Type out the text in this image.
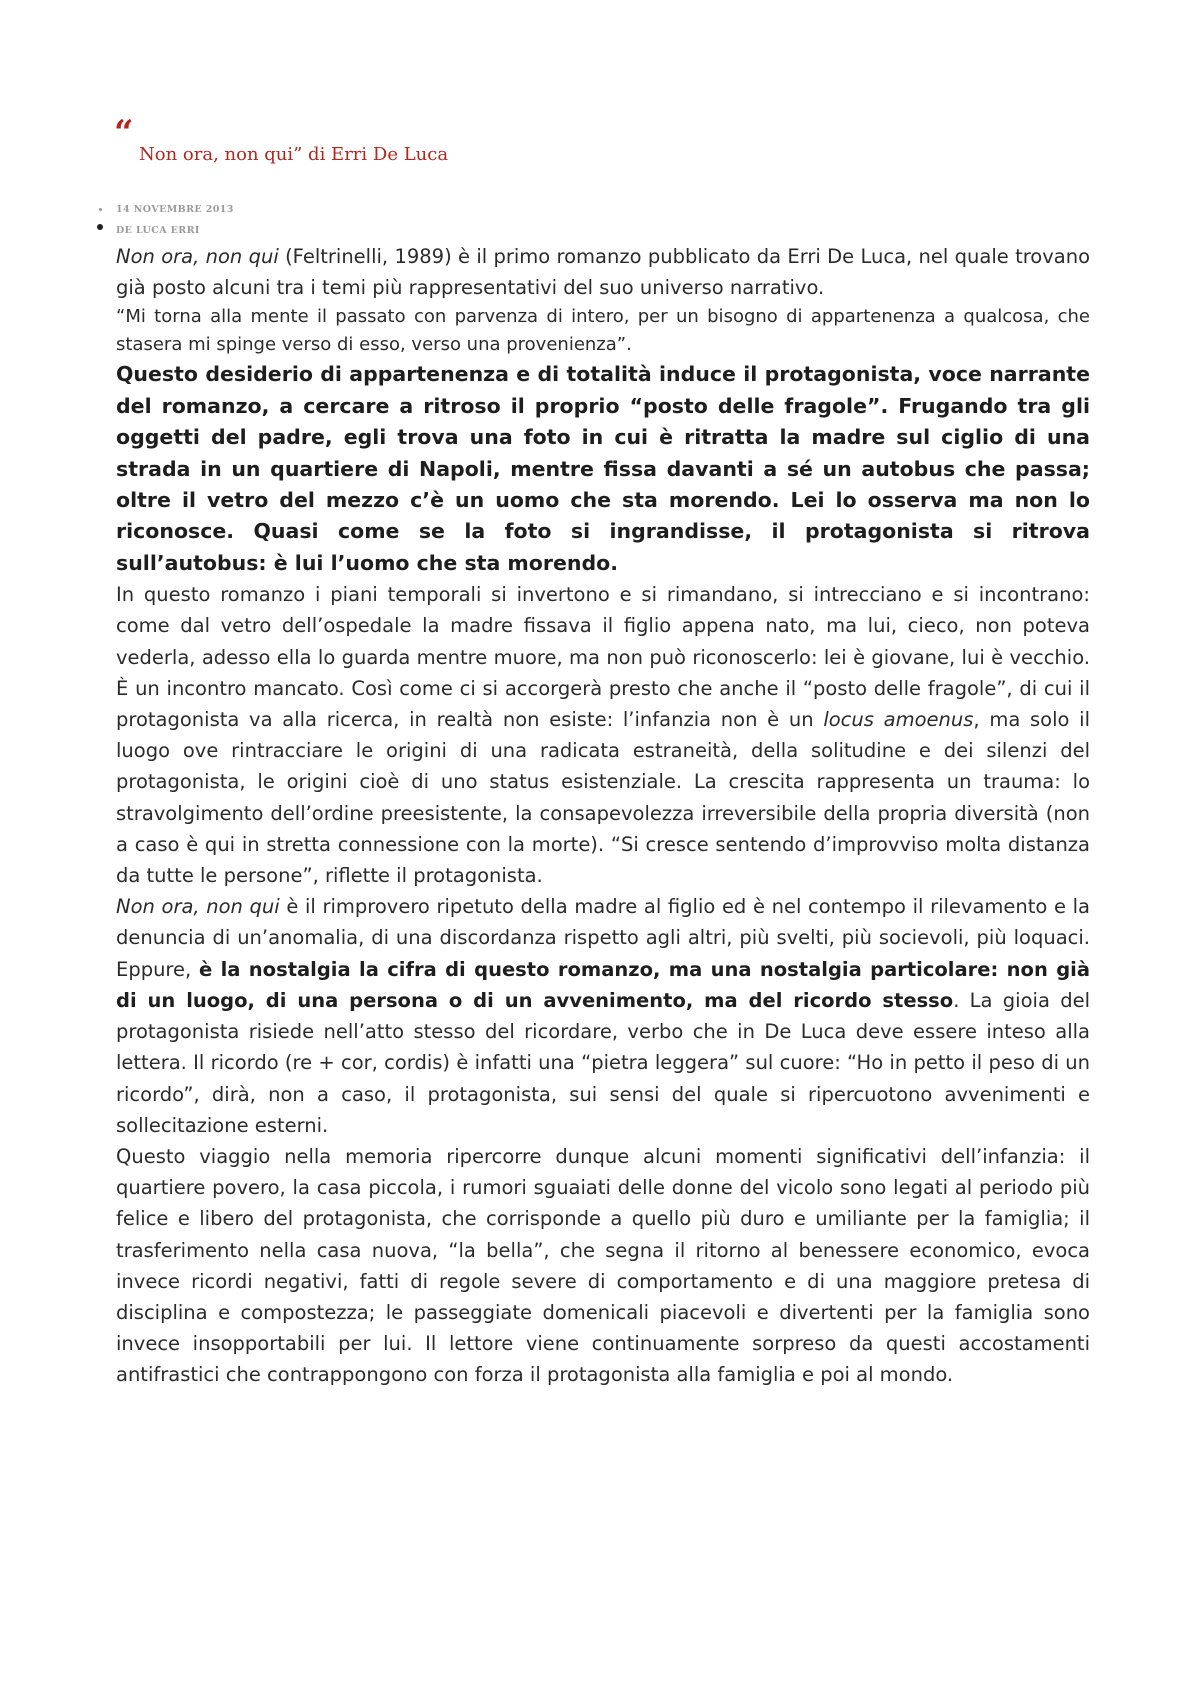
“
Non ora, non qui” di Erri De Luca
14 NOVEMBRE 2013
DE LUCA ERRI

Non ora, non qui (Feltrinelli, 1989) è il primo romanzo pubblicato da Erri De Luca, nel quale trovano già posto alcuni tra i temi più rappresentativi del suo universo narrativo.

“Mi torna alla mente il passato con parvenza di intero, per un bisogno di appartenenza a qualcosa, che stasera mi spinge verso di esso, verso una provenienza”.

Questo desiderio di appartenenza e di totalità induce il protagonista, voce narrante del romanzo, a cercare a ritroso il proprio “posto delle fragole”. Frugando tra gli oggetti del padre, egli trova una foto in cui è ritratta la madre sul ciglio di una strada in un quartiere di Napoli, mentre fissa davanti a sé un autobus che passa; oltre il vetro del mezzo c’è un uomo che sta morendo. Lei lo osserva ma non lo riconosce. Quasi come se la foto si ingrandisse, il protagonista si ritrova sull’autobus: è lui l’uomo che sta morendo.

In questo romanzo i piani temporali si invertono e si rimandano, si intrecciano e si incontrano: come dal vetro dell’ospedale la madre fissava il figlio appena nato, ma lui, cieco, non poteva vederla, adesso ella lo guarda mentre muore, ma non può riconoscerlo: lei è giovane, lui è vecchio. È un incontro mancato. Così come ci si accorgerà presto che anche il “posto delle fragole”, di cui il protagonista va alla ricerca, in realtà non esiste: l’infanzia non è un locus amoenus, ma solo il luogo ove rintracciare le origini di una radicata estraneità, della solitudine e dei silenzi del protagonista, le origini cioè di uno status esistenziale. La crescita rappresenta un trauma: lo stravolgimento dell’ordine preesistente, la consapevolezza irreversibile della propria diversità (non a caso è qui in stretta connessione con la morte). “Si cresce sentendo d’improvviso molta distanza da tutte le persone”, riflette il protagonista.

Non ora, non qui è il rimprovero ripetuto della madre al figlio ed è nel contempo il rilevamento e la denuncia di un’anomalia, di una discordanza rispetto agli altri, più svelti, più socievoli, più loquaci. Eppure, è la nostalgia la cifra di questo romanzo, ma una nostalgia particolare: non già di un luogo, di una persona o di un avvenimento, ma del ricordo stesso. La gioia del protagonista risiede nell’atto stesso del ricordare, verbo che in De Luca deve essere inteso alla lettera. Il ricordo (re + cor, cordis) è infatti una “pietra leggera” sul cuore: “Ho in petto il peso di un ricordo”, dirà, non a caso, il protagonista, sui sensi del quale si ripercuotono avvenimenti e sollecitazione esterni.

Questo viaggio nella memoria ripercorre dunque alcuni momenti significativi dell’infanzia: il quartiere povero, la casa piccola, i rumori sguaiati delle donne del vicolo sono legati al periodo più felice e libero del protagonista, che corrisponde a quello più duro e umiliante per la famiglia; il trasferimento nella casa nuova, “la bella”, che segna il ritorno al benessere economico, evoca invece ricordi negativi, fatti di regole severe di comportamento e di una maggiore pretesa di disciplina e compostezza; le passeggiate domenicali piacevoli e divertenti per la famiglia sono invece insopportabili per lui. Il lettore viene continuamente sorpreso da questi accostamenti antifrastici che contrappongono con forza il protagonista alla famiglia e poi al mondo.
